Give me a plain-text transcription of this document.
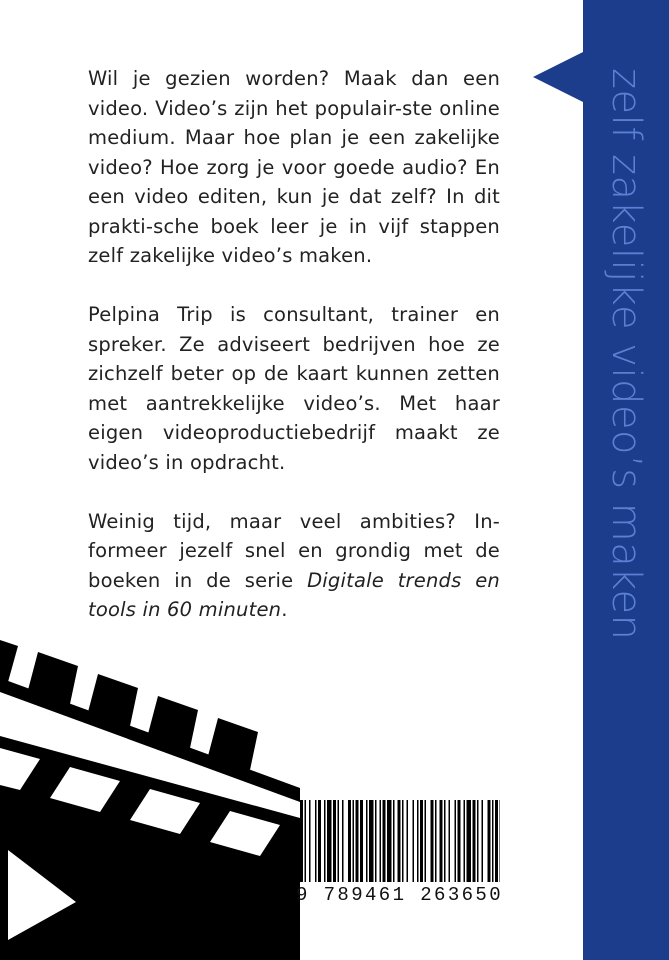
Wil je gezien worden? Maak dan een video. Video’s zijn het populair-ste online medium. Maar hoe plan je een zakelijke video? Hoe zorg je voor goede audio? En een video editen, kun je dat zelf? In dit prakti-sche boek leer je in vijf stappen zelf zakelijke video’s maken.

Pelpina Trip is consultant, trainer en spreker. Ze adviseert bedrijven hoe ze zichzelf beter op de kaart kunnen zetten met aantrekkelijke video’s. Met haar eigen videoproductiebedrijf maakt ze video’s in opdracht.

Weinig tijd, maar veel ambities? In-formeer jezelf snel en grondig met de boeken in de serie Digitale trends en tools in 60 minuten.	zelf zakelijke video’s maken
9 789461 263650
